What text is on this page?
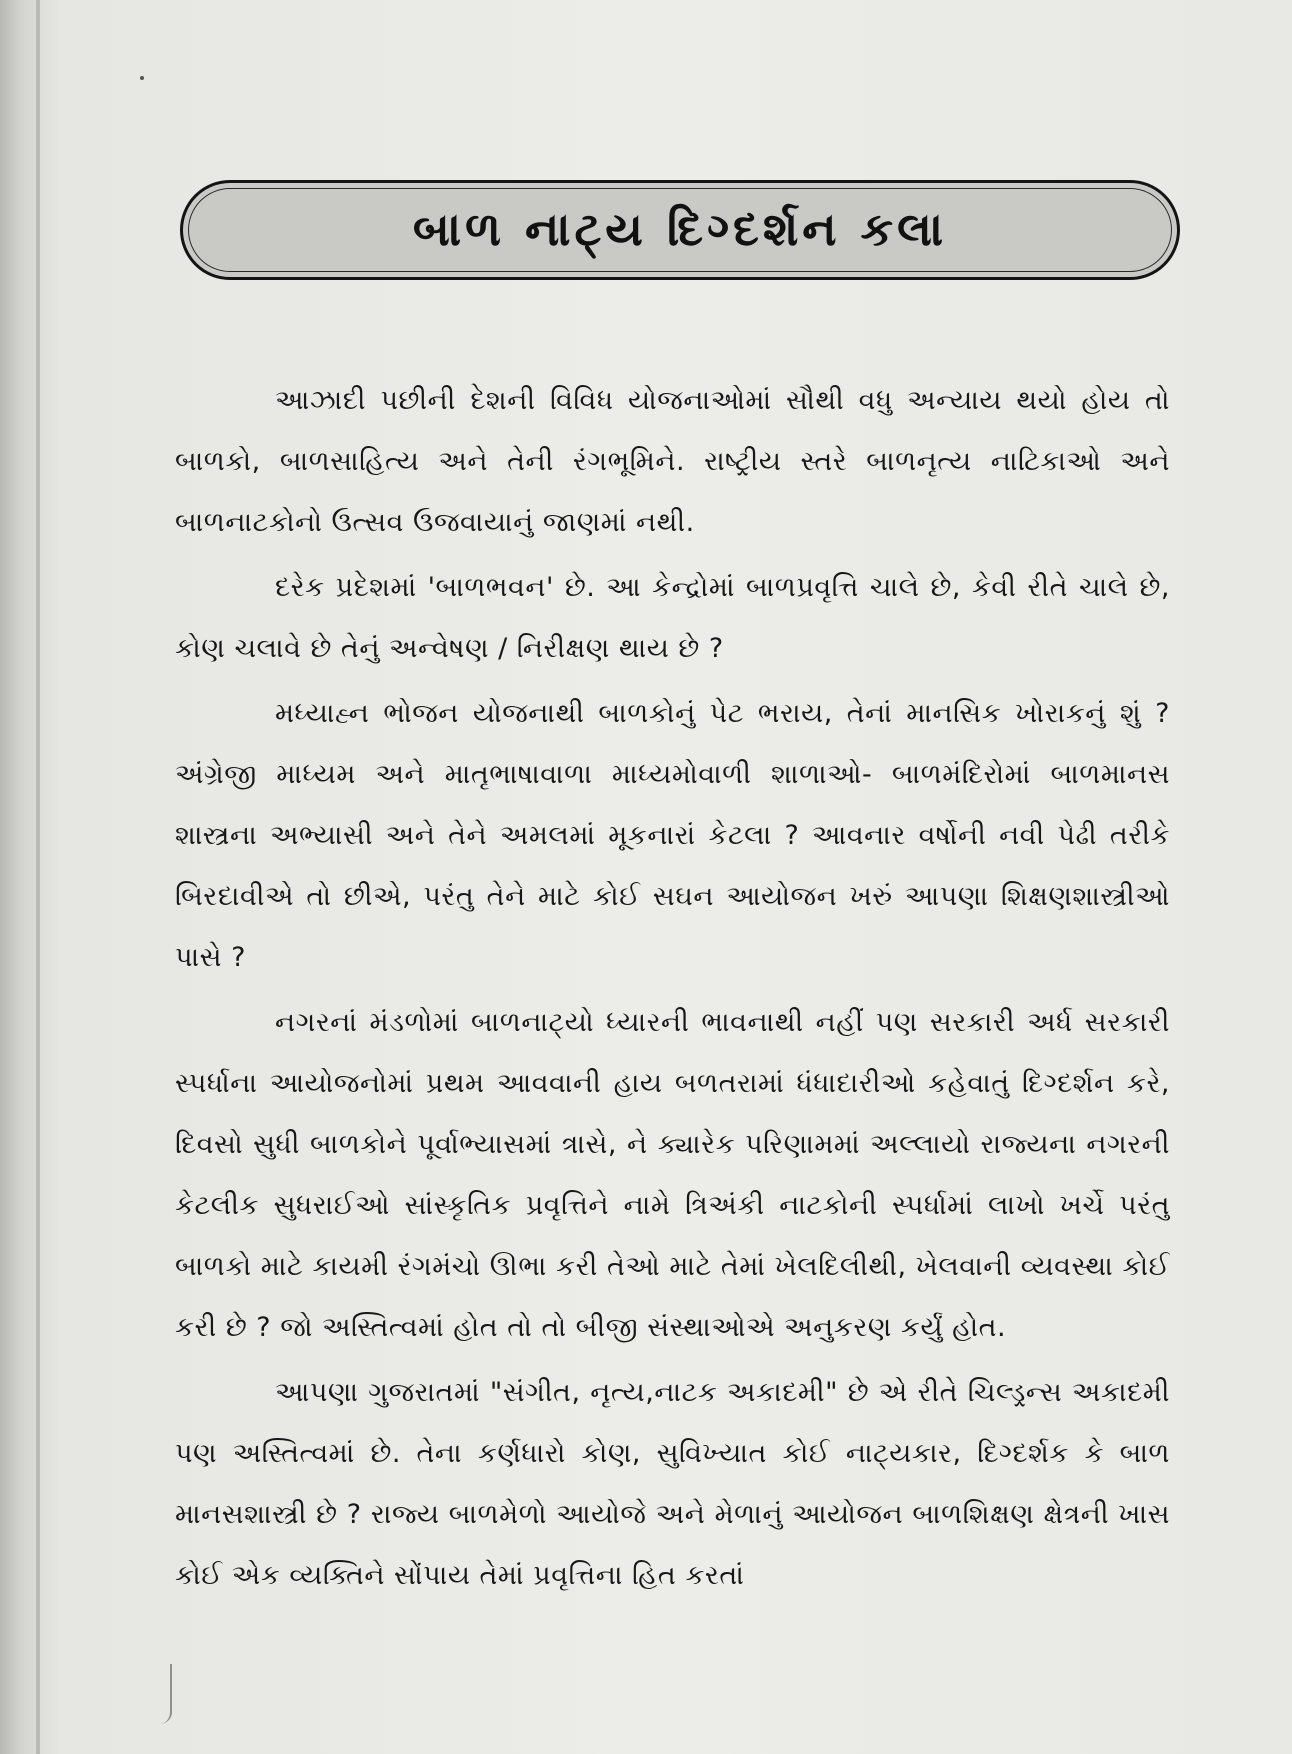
બાળ નાટ્ય દિગ્દર્શન કલા

આઝાદી પછીની દેશની વિવિધ યોજનાઓમાં સૌથી વધુ અન્યાય થયો હોય તો બાળકો, બાળસાહિત્ય અને તેની રંગભૂમિને. રાષ્ટ્રીય સ્તરે બાળનૃત્ય નાટિકાઓ અને બાળનાટકોનો ઉત્સવ ઉજવાયાનું જાણમાં નથી.

દરેક પ્રદેશમાં 'બાળભવન' છે. આ કેન્દ્રોમાં બાળપ્રવૃત્તિ ચાલે છે, કેવી રીતે ચાલે છે, કોણ ચલાવે છે તેનું અન્વેષણ / નિરીક્ષણ થાય છે ?

મધ્યાહ્ન ભોજન યોજનાથી બાળકોનું પેટ ભરાય, તેનાં માનસિક ખોરાકનું શું ? અંગ્રેજી માધ્યમ અને માતૃભાષાવાળા માધ્યમોવાળી શાળાઓ- બાળમંદિરોમાં બાળમાનસ શાસ્ત્રના અભ્યાસી અને તેને અમલમાં મૂકનારાં કેટલા ? આવનાર વર્ષોની નવી પેઢી તરીકે બિરદાવીએ તો છીએ, પરંતુ તેને માટે કોઈ સઘન આયોજન ખરું આપણા શિક્ષણશાસ્ત્રીઓ પાસે ?

નગરનાં મંડળોમાં બાળનાટ્યો ધ્યારની ભાવનાથી નહીં પણ સરકારી અર્ધ સરકારી સ્પર્ધાના આયોજનોમાં પ્રથમ આવવાની હાય બળતરામાં ધંધાદારીઓ કહેવાતું દિગ્દર્શન કરે, દિવસો સુધી બાળકોને પૂર્વાભ્યાસમાં ત્રાસે, ને ક્યારેક પરિણામમાં અલ્લાયો રાજ્યના નગરની કેટલીક સુધરાઈઓ સાંસ્કૃતિક પ્રવૃત્તિને નામે ત્રિઅંકી નાટકોની સ્પર્ધામાં લાખો ખર્ચે પરંતુ બાળકો માટે કાયમી રંગમંચો ઊભા કરી તેઓ માટે તેમાં ખેલદિલીથી, ખેલવાની વ્યવસ્થા કોઈ કરી છે ? જો અસ્તિત્વમાં હોત તો તો બીજી સંસ્થાઓએ અનુકરણ કર્યું હોત.

આપણા ગુજરાતમાં "સંગીત, નૃત્ય,નાટક અકાદમી" છે એ રીતે ચિલ્ડ્રન્સ અકાદમી પણ અસ્તિત્વમાં છે. તેના કર્ણધારો કોણ, સુવિખ્યાત કોઈ નાટ્યકાર, દિગ્દર્શક કે બાળ માનસશાસ્ત્રી છે ? રાજ્ય બાળમેળો આયોજે અને મેળાનું આયોજન બાળશિક્ષણ ક્ષેત્રની ખાસ કોઈ એક વ્યક્તિને સોંપાય તેમાં પ્રવૃત્તિના હિત કરતાં
